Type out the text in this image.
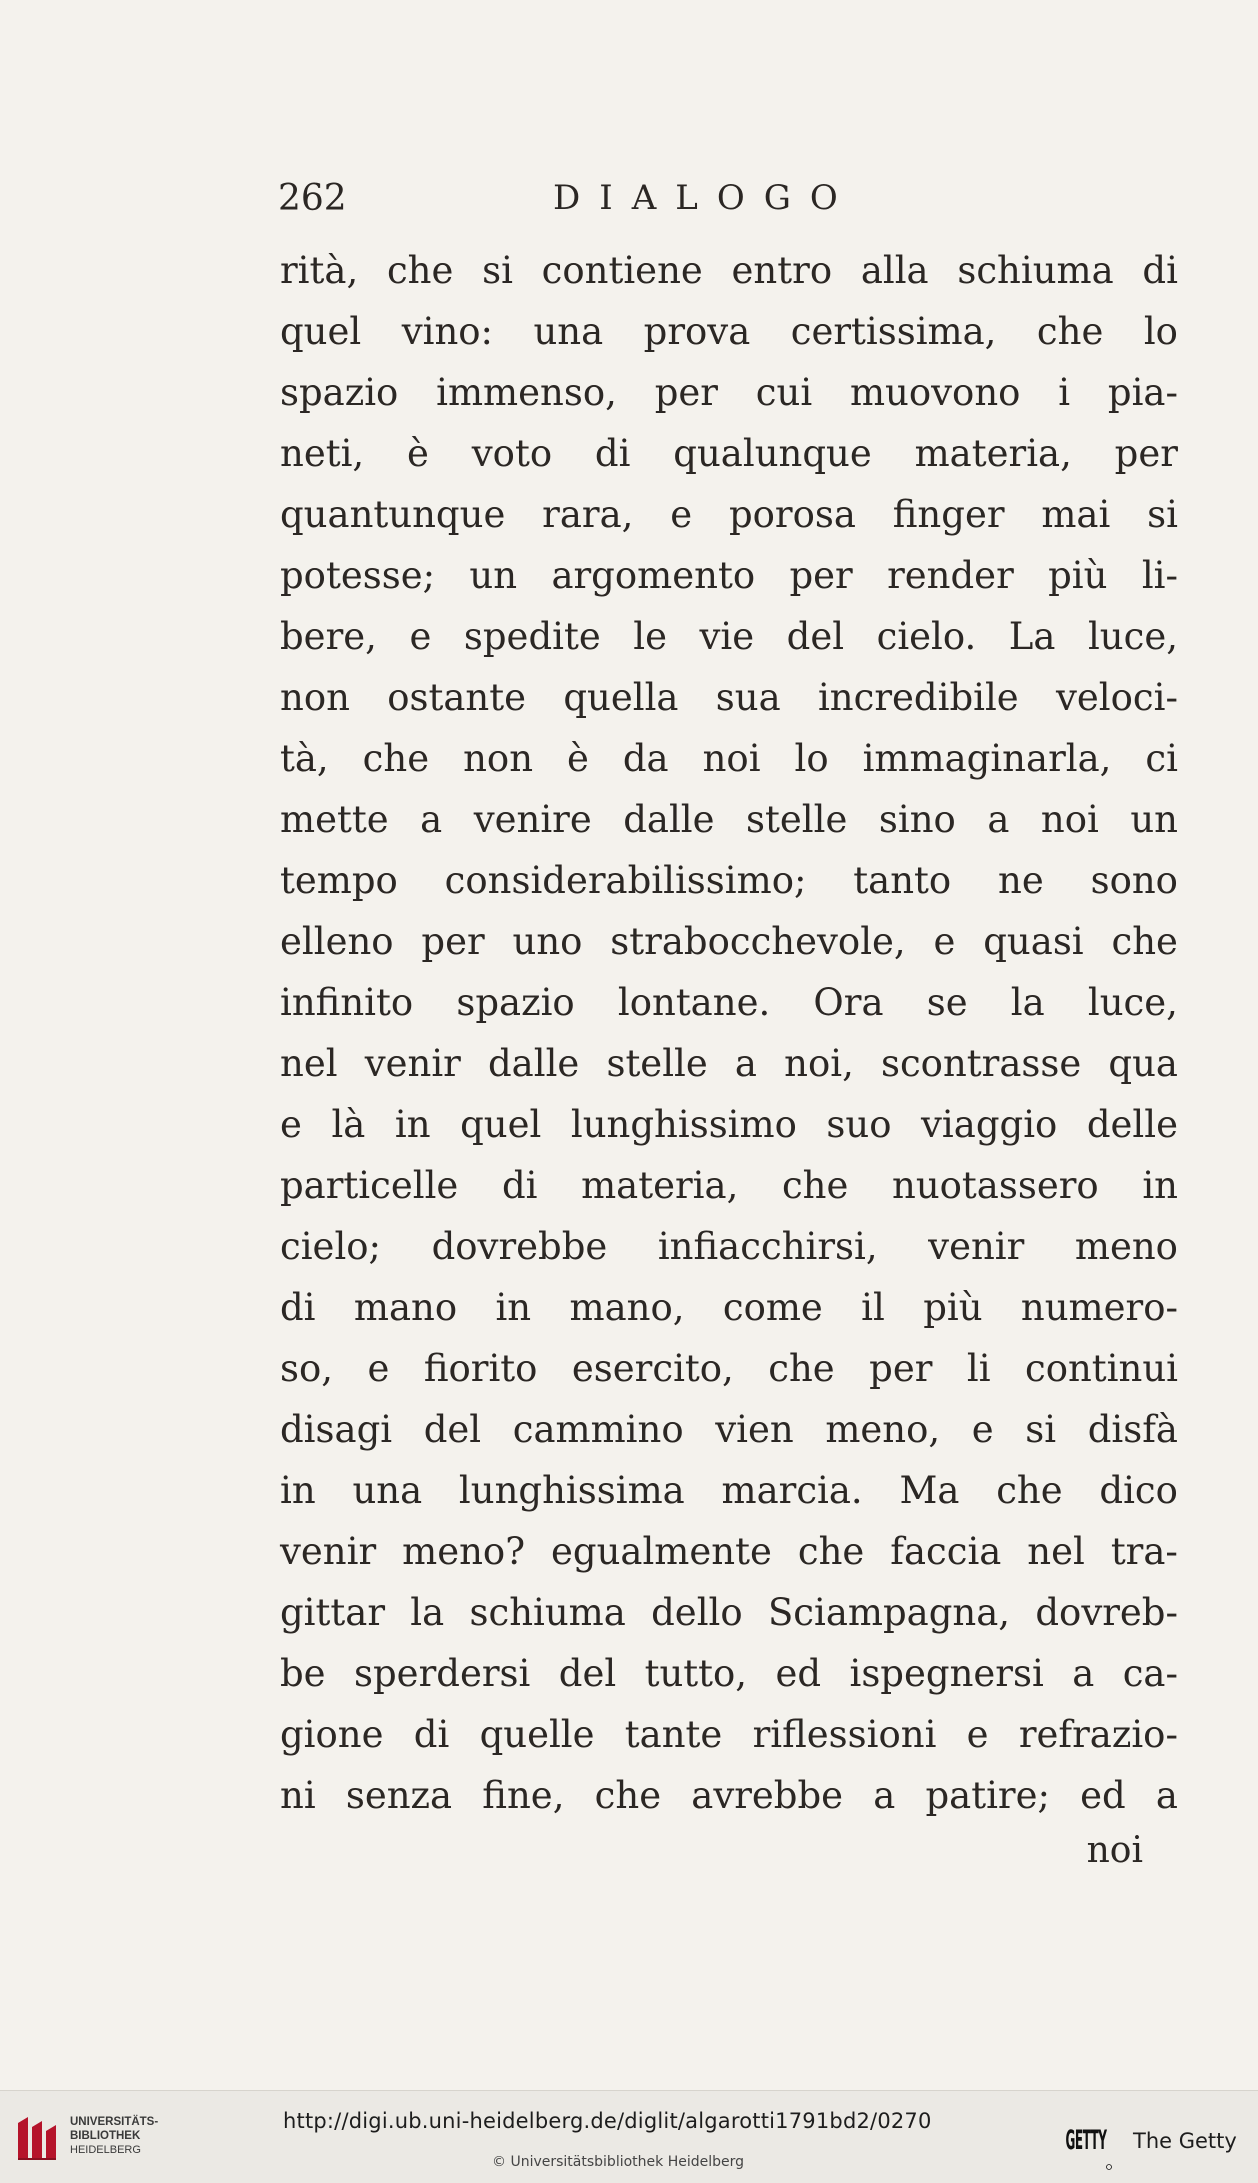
262	DIALOGO
rità, che si contiene entro alla schiuma di
quel vino: una prova certissima, che lo
spazio immenso, per cui muovono i pia-
neti, è voto di qualunque materia, per
quantunque rara, e porosa finger mai si
potesse; un argomento per render più li-
bere, e spedite le vie del cielo. La luce,
non ostante quella sua incredibile veloci-
tà, che non è da noi lo immaginarla, ci
mette a venire dalle stelle sino a noi un
tempo considerabilissimo; tanto ne sono
elleno per uno strabocchevole, e quasi che
infinito spazio lontane. Ora se la luce,
nel venir dalle stelle a noi, scontrasse qua
e là in quel lunghissimo suo viaggio delle
particelle di materia, che nuotassero in
cielo; dovrebbe infiacchirsi, venir meno
di mano in mano, come il più numero-
so, e fiorito esercito, che per li continui
disagi del cammino vien meno, e si disfà
in una lunghissima marcia. Ma che dico
venir meno? egualmente che faccia nel tra-
gittar la schiuma dello Sciampagna, dovreb-
be sperdersi del tutto, ed ispegnersi a ca-
gione di quelle tante riflessioni e refrazio-
ni senza fine, che avrebbe a patire; ed a
noi
UNIVERSITÄTS-
BIBLIOTHEK
HEIDELBERG
http://digi.ub.uni-heidelberg.de/diglit/algarotti1791bd2/0270
© Universitätsbibliothek Heidelberg
GETTY The Getty
